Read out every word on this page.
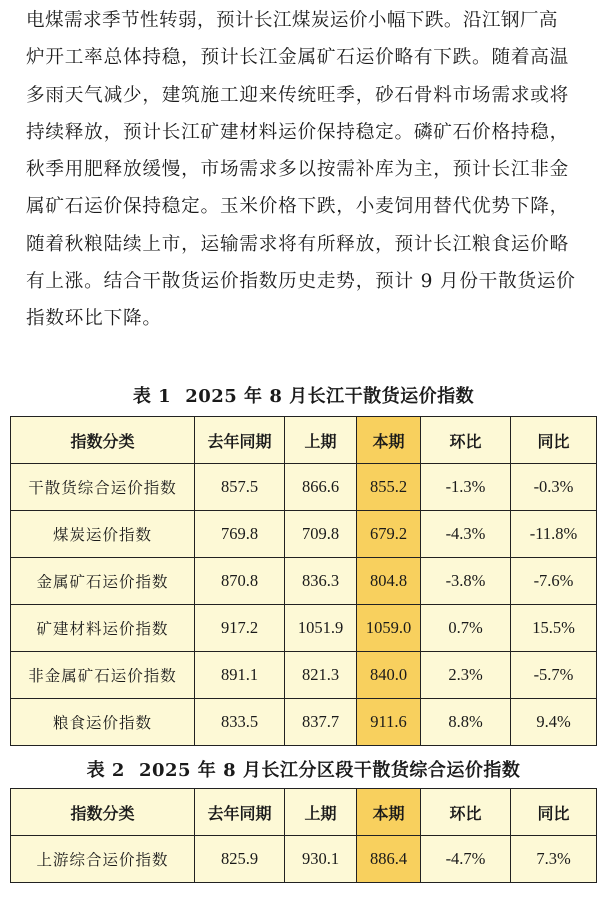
电煤需求季节性转弱，预计长江煤炭运价小幅下跌。沿江钢厂高
炉开工率总体持稳，预计长江金属矿石运价略有下跌。随着高温
多雨天气减少，建筑施工迎来传统旺季，砂石骨料市场需求或将
持续释放，预计长江矿建材料运价保持稳定。磷矿石价格持稳，
秋季用肥释放缓慢，市场需求多以按需补库为主，预计长江非金
属矿石运价保持稳定。玉米价格下跌，小麦饲用替代优势下降，
随着秋粮陆续上市，运输需求将有所释放，预计长江粮食运价略
有上涨。结合干散货运价指数历史走势，预计 9 月份干散货运价
指数环比下降。
表 1 2025 年 8 月长江干散货运价指数
指数分类	去年同期	上期	本期	环比	同比
干散货综合运价指数	857.5	866.6	855.2	-1.3%	-0.3%
煤炭运价指数	769.8	709.8	679.2	-4.3%	-11.8%
金属矿石运价指数	870.8	836.3	804.8	-3.8%	-7.6%
矿建材料运价指数	917.2	1051.9	1059.0	0.7%	15.5%
非金属矿石运价指数	891.1	821.3	840.0	2.3%	-5.7%
粮食运价指数	833.5	837.7	911.6	8.8%	9.4%
表 2 2025 年 8 月长江分区段干散货综合运价指数
指数分类	去年同期	上期	本期	环比	同比
上游综合运价指数	825.9	930.1	886.4	-4.7%	7.3%
